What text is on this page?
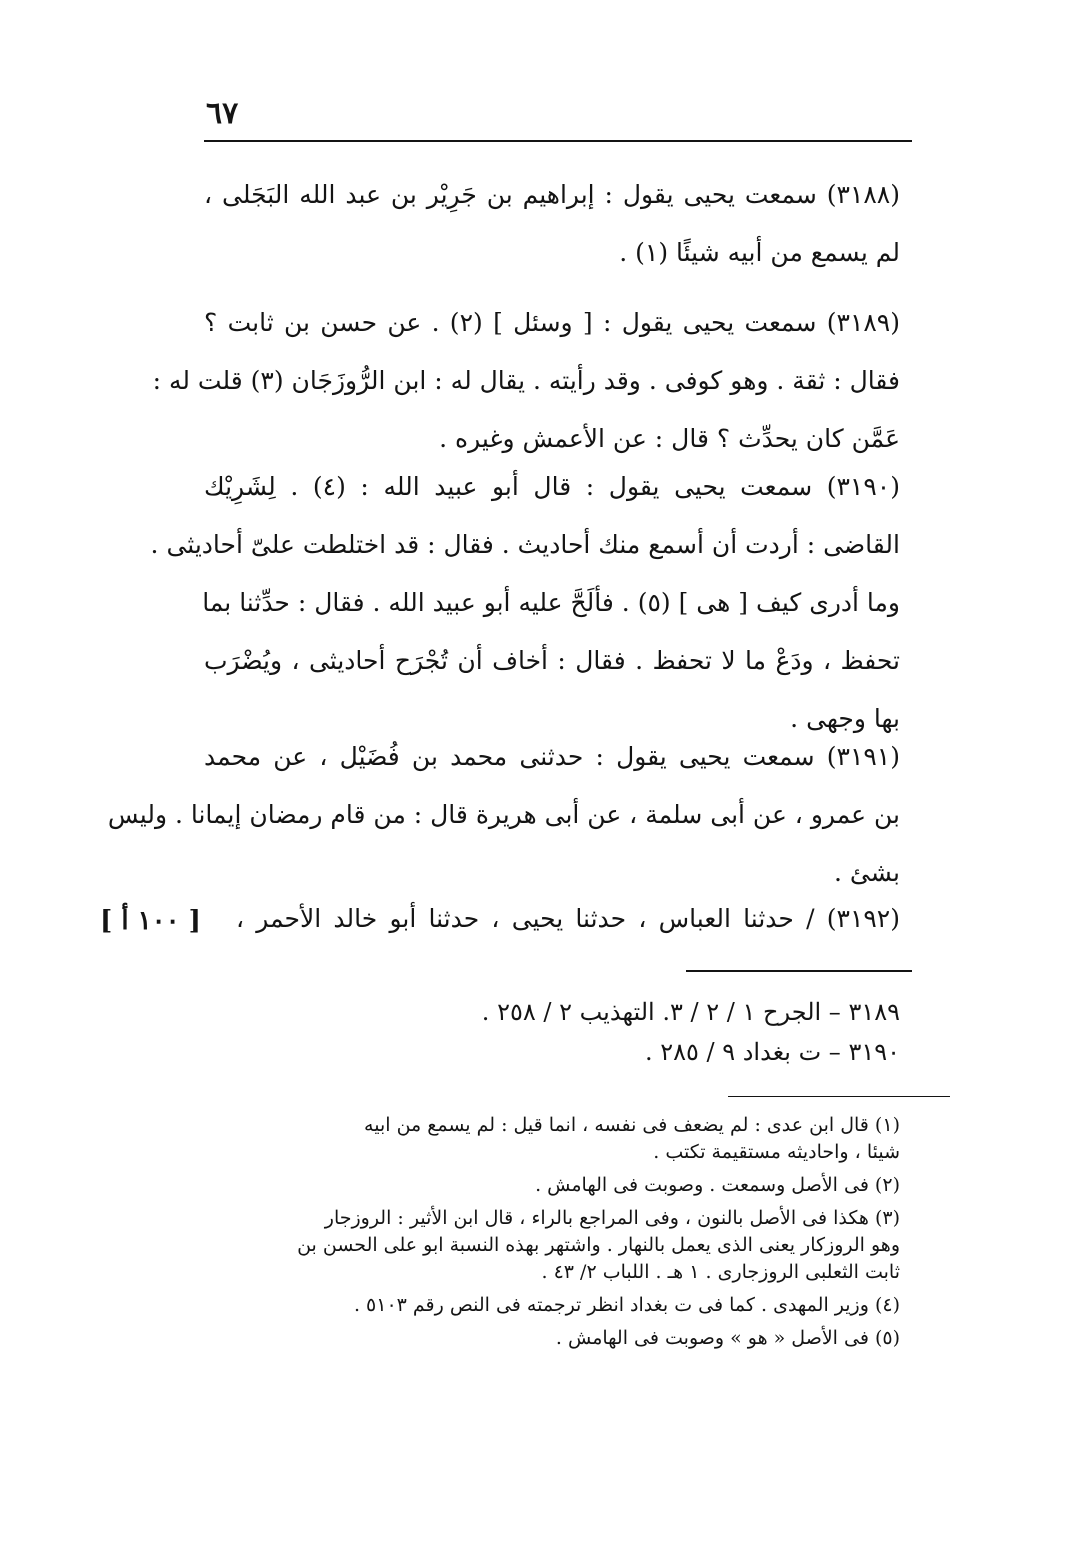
٦٧
(٣١٨٨) سمعت يحيى يقول : إبراهيم بن جَرِيْر بن عبد الله البَجَلى ،
لم يسمع من أبيه شيئًا (١) .
(٣١٨٩) سمعت يحيى يقول : [ وسئل ] (٢) . عن حسن بن ثابت ؟
فقال : ثقة . وهو كوفى . وقد رأيته . يقال له : ابن الرُّوزَجَان (٣) قلت له :
عَمَّن كان يحدِّث ؟ قال : عن الأعمش وغيره .
(٣١٩٠) سمعت يحيى يقول : قال أبو عبيد الله : (٤) . لِشَرِيْك
القاضى : أردت أن أسمع منك أحاديث . فقال : قد اختلطت علىّ أحاديثى .
وما أدرى كيف [ هى ] (٥) . فألَحَّ عليه أبو عبيد الله . فقال : حدِّثنا بما
تحفظ ، ودَعْ ما لا تحفظ . فقال : أخاف أن تُجْرَح أحاديثى ، ويُضْرَب
بها وجهى .
(٣١٩١) سمعت يحيى يقول : حدثنى محمد بن فُضَيْل ، عن محمد
بن عمرو ، عن أبى سلمة ، عن أبى هريرة قال : من قام رمضان إيمانا . وليس
بشئ .
(٣١٩٢) / حدثنا العباس ، حدثنا يحيى ، حدثنا أبو خالد الأحمر ،
[ ١٠٠ أ ]
٣١٨٩ – الجرح ١ / ٢ / ٣. التهذيب ٢ / ٢٥٨ .
٣١٩٠ – ت بغداد ٩ / ٢٨٥ .
(١) قال ابن عدى : لم يضعف فى نفسه ، انما قيل : لم يسمع من ابيه
شيئا ، واحاديثه مستقيمة تكتب .
(٢) فى الأصل وسمعت . وصوبت فى الهامش .
(٣) هكذا فى الأصل بالنون ، وفى المراجع بالراء ، قال ابن الأثير : الروزجار
وهو الروزكار يعنى الذى يعمل بالنهار . واشتهر بهذه النسبة ابو على الحسن بن
ثابت الثعلبى الروزجارى . ١ هـ . اللباب ٢/ ٤٣ .
(٤) وزير المهدى . كما فى ت بغداد انظر ترجمته فى النص رقم ٥١٠٣ .
(٥) فى الأصل « هو » وصوبت فى الهامش .
